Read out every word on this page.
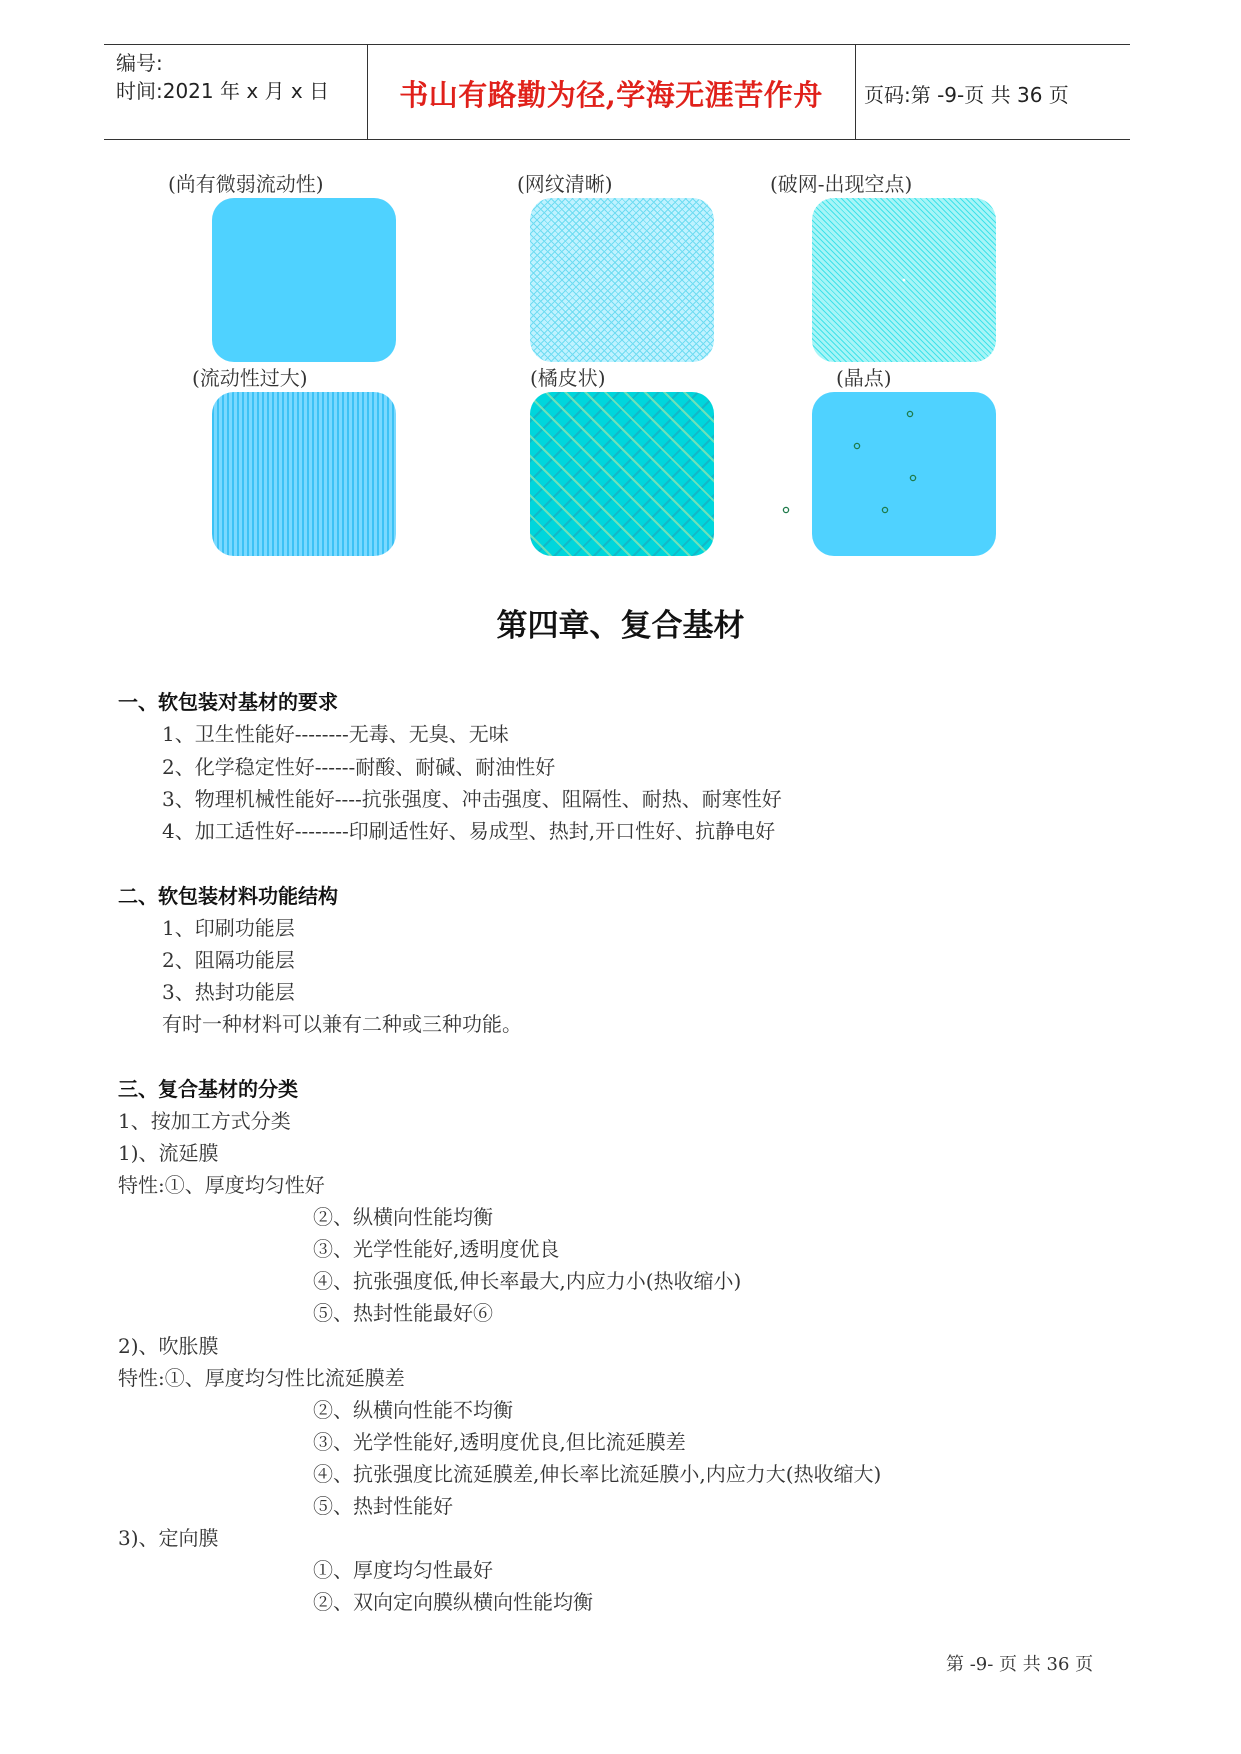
编号:
时间:2021 年 x 月 x 日	书山有路勤为径,学海无涯苦作舟	页码:第 -9-页 共 36 页
(尚有微弱流动性)	(网纹清晰)	(破网-出现空点)
(流动性过大)	(橘皮状)	(晶点)
第四章、复合基材
一、软包装对基材的要求
1、卫生性能好--------无毒、无臭、无味
2、化学稳定性好------耐酸、耐碱、耐油性好
3、物理机械性能好----抗张强度、冲击强度、阻隔性、耐热、耐寒性好
4、加工适性好--------印刷适性好、易成型、热封,开口性好、抗静电好
二、软包装材料功能结构
1、印刷功能层
2、阻隔功能层
3、热封功能层
有时一种材料可以兼有二种或三种功能。
三、复合基材的分类
1、按加工方式分类
1)、流延膜
特性:①、厚度均匀性好
②、纵横向性能均衡
③、光学性能好,透明度优良
④、抗张强度低,伸长率最大,内应力小(热收缩小)
⑤、热封性能最好⑥
2)、吹胀膜
特性:①、厚度均匀性比流延膜差
②、纵横向性能不均衡
③、光学性能好,透明度优良,但比流延膜差
④、抗张强度比流延膜差,伸长率比流延膜小,内应力大(热收缩大)
⑤、热封性能好
3)、定向膜
①、厚度均匀性最好
②、双向定向膜纵横向性能均衡
第 -9- 页 共 36 页
